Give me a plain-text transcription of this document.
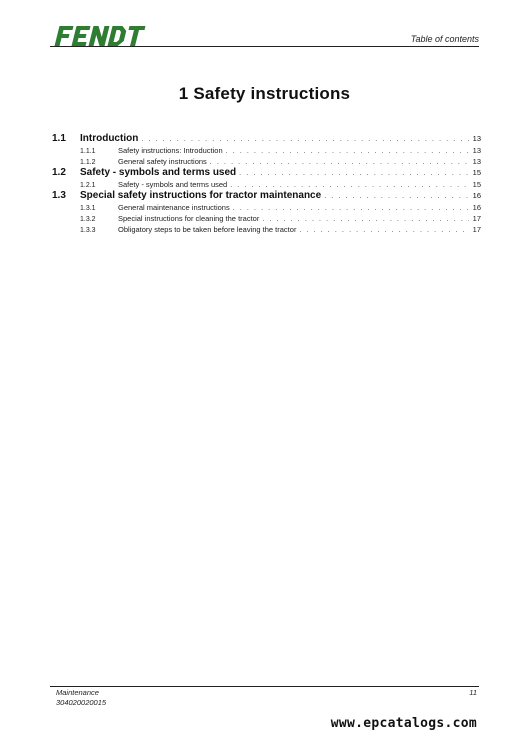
Table of contents
1 Safety instructions
1.1	Introduction . . .	13
1.1.1	Safety instructions: Introduction . . .	13
1.1.2	General safety instructions . . .	13
1.2	Safety - symbols and terms used . . .	15
1.2.1	Safety - symbols and terms used . . .	15
1.3	Special safety instructions for tractor maintenance . . .	16
1.3.1	General maintenance instructions . . .	16
1.3.2	Special instructions for cleaning the tractor . . .	17
1.3.3	Obligatory steps to be taken before leaving the tractor . . .	17
Maintenance
304020020015
11
www.epcatalogs.com
